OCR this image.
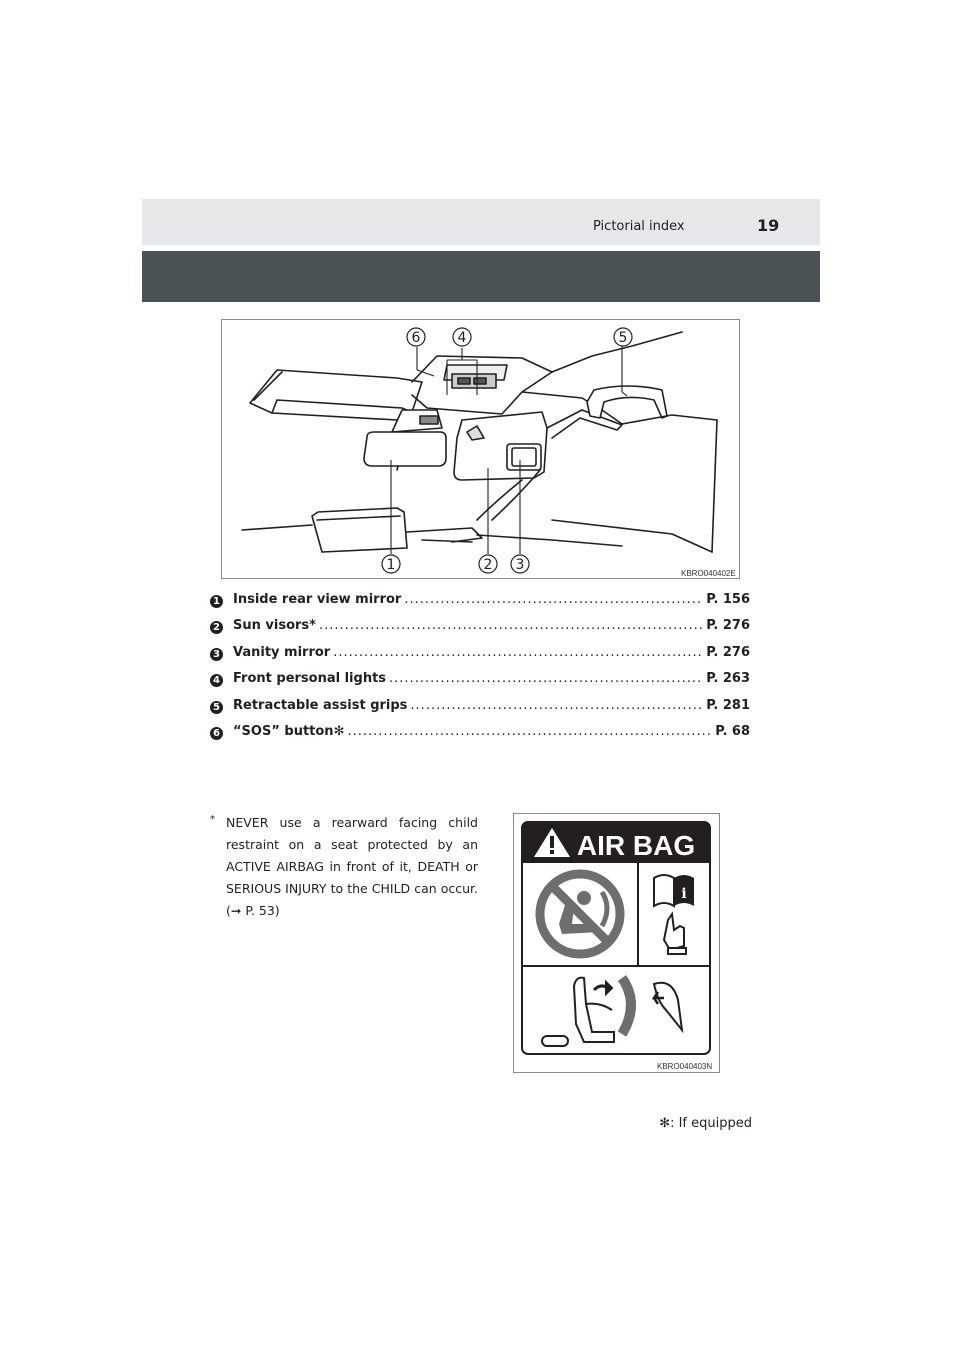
Pictorial index	19
6	4	5
1	2 3
KBRO040402E
1 Inside rear view mirror .....	P. 156
2 Sun visors* .....	P. 276
3 Vanity mirror .....	P. 276
4 Front personal lights .....	P. 263
5 Retractable assist grips .....	P. 281
6 “SOS” button✻ .....	P. 68
* NEVER use a rearward facing child restraint on a seat protected by an ACTIVE AIRBAG in front of it, DEATH or SERIOUS INJURY to the CHILD can occur. (➞ P. 53)
AIR BAG
i
KBRO040403N
✻: If equipped
